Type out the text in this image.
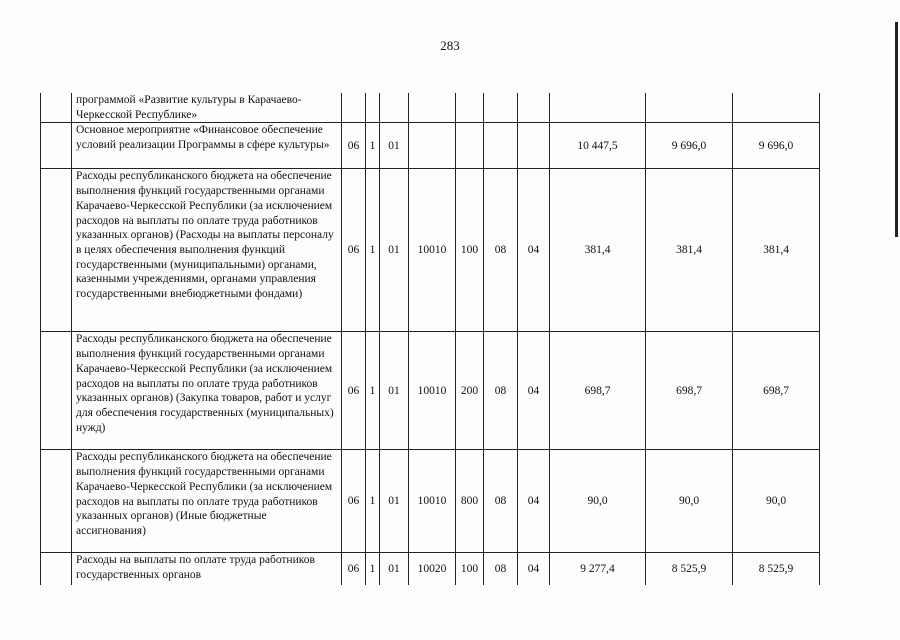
283
	программой «Развитие культуры в Карачаево-Черкесской Республике»										
	Основное мероприятие «Финансовое обеспечение условий реализации Программы в сфере культуры»	06	1	01					10 447,5	9 696,0	9 696,0
	Расходы республиканского бюджета на обеспечение выполнения функций государственными органами Карачаево-Черкесской Республики (за исключением расходов на выплаты по оплате труда работников указанных органов) (Расходы на выплаты персоналу в целях обеспечения выполнения функций государственными (муниципальными) органами, казенными учреждениями, органами управления государственными внебюджетными фондами)	06	1	01	10010	100	08	04	381,4	381,4	381,4
	Расходы республиканского бюджета на обеспечение выполнения функций государственными органами Карачаево-Черкесской Республики (за исключением расходов на выплаты по оплате труда работников указанных органов) (Закупка товаров, работ и услуг для обеспечения государственных (муниципальных) нужд)	06	1	01	10010	200	08	04	698,7	698,7	698,7
	Расходы республиканского бюджета на обеспечение выполнения функций государственными органами Карачаево-Черкесской Республики (за исключением расходов на выплаты по оплате труда работников указанных органов) (Иные бюджетные ассигнования)	06	1	01	10010	800	08	04	90,0	90,0	90,0
	Расходы на выплаты по оплате труда работников государственных органов	06	1	01	10020	100	08	04	9 277,4	8 525,9	8 525,9
